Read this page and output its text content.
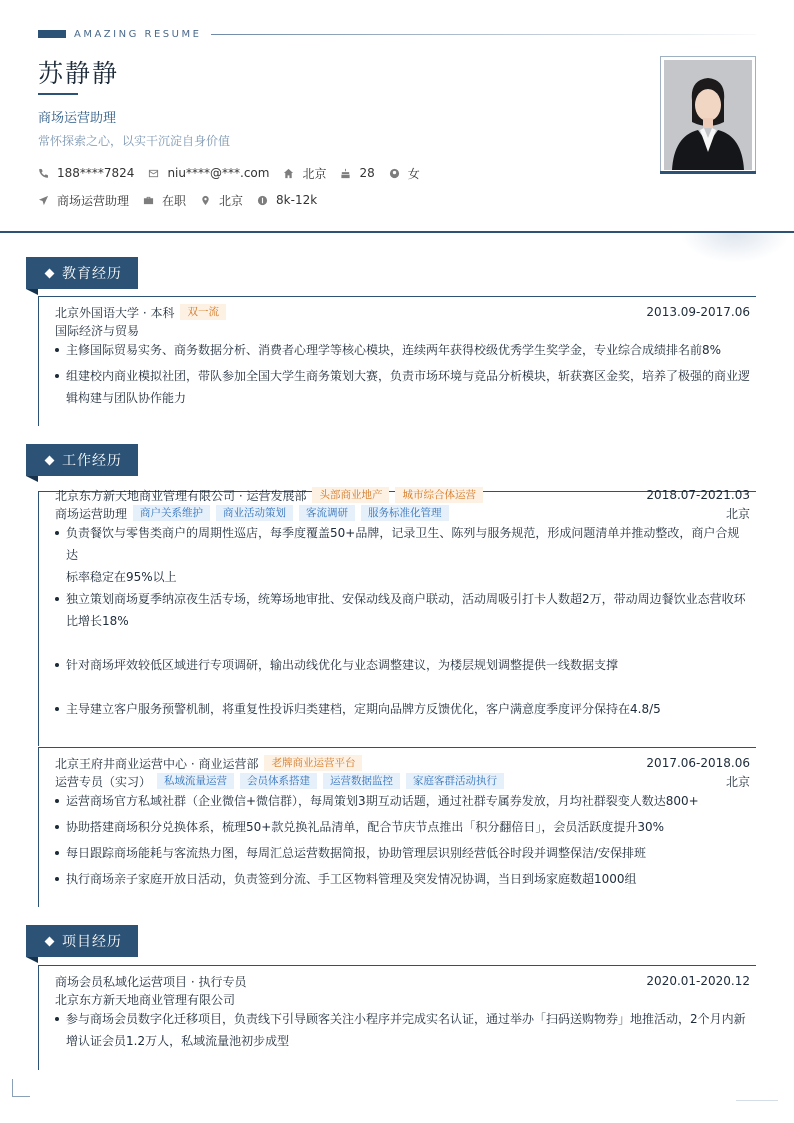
AMAZING RESUME
苏静静
商场运营助理
常怀探索之心，以实干沉淀自身价值
188****7824	niu****@***.com	北京	28	女
商场运营助理	在职	北京	8k-12k
教育经历
北京外国语大学 · 本科	双一流	2013.09-2017.06
国际经济与贸易
主修国际贸易实务、商务数据分析、消费者心理学等核心模块，连续两年获得校级优秀学生奖学金，专业综合成绩排名前8%
组建校内商业模拟社团，带队参加全国大学生商务策划大赛，负责市场环境与竞品分析模块，斩获赛区金奖，培养了极强的商业逻
辑构建与团队协作能力
工作经历
北京东方新天地商业管理有限公司 · 运营发展部	头部商业地产	城市综合体运营	2018.07-2021.03
商场运营助理	商户关系维护	商业活动策划	客流调研	服务标准化管理	北京
负责餐饮与零售类商户的周期性巡店，每季度覆盖50+品牌，记录卫生、陈列与服务规范，形成问题清单并推动整改，商户合规达
标率稳定在95%以上
独立策划商场夏季纳凉夜生活专场，统筹场地审批、安保动线及商户联动，活动周吸引打卡人数超2万，带动周边餐饮业态营收环
比增长18%
针对商场坪效较低区域进行专项调研，输出动线优化与业态调整建议，为楼层规划调整提供一线数据支撑
主导建立客户服务预警机制，将重复性投诉归类建档，定期向品牌方反馈优化，客户满意度季度评分保持在4.8/5
北京王府井商业运营中心 · 商业运营部	老牌商业运营平台	2017.06-2018.06
运营专员（实习）	私域流量运营	会员体系搭建	运营数据监控	家庭客群活动执行	北京
运营商场官方私域社群（企业微信+微信群），每周策划3期互动话题，通过社群专属券发放，月均社群裂变人数达800+
协助搭建商场积分兑换体系，梳理50+款兑换礼品清单，配合节庆节点推出「积分翻倍日」，会员活跃度提升30%
每日跟踪商场能耗与客流热力图，每周汇总运营数据简报，协助管理层识别经营低谷时段并调整保洁/安保排班
执行商场亲子家庭开放日活动，负责签到分流、手工区物料管理及突发情况协调，当日到场家庭数超1000组
项目经历
商场会员私域化运营项目 · 执行专员	2020.01-2020.12
北京东方新天地商业管理有限公司
参与商场会员数字化迁移项目，负责线下引导顾客关注小程序并完成实名认证，通过举办「扫码送购物券」地推活动，2个月内新
增认证会员1.2万人，私域流量池初步成型
